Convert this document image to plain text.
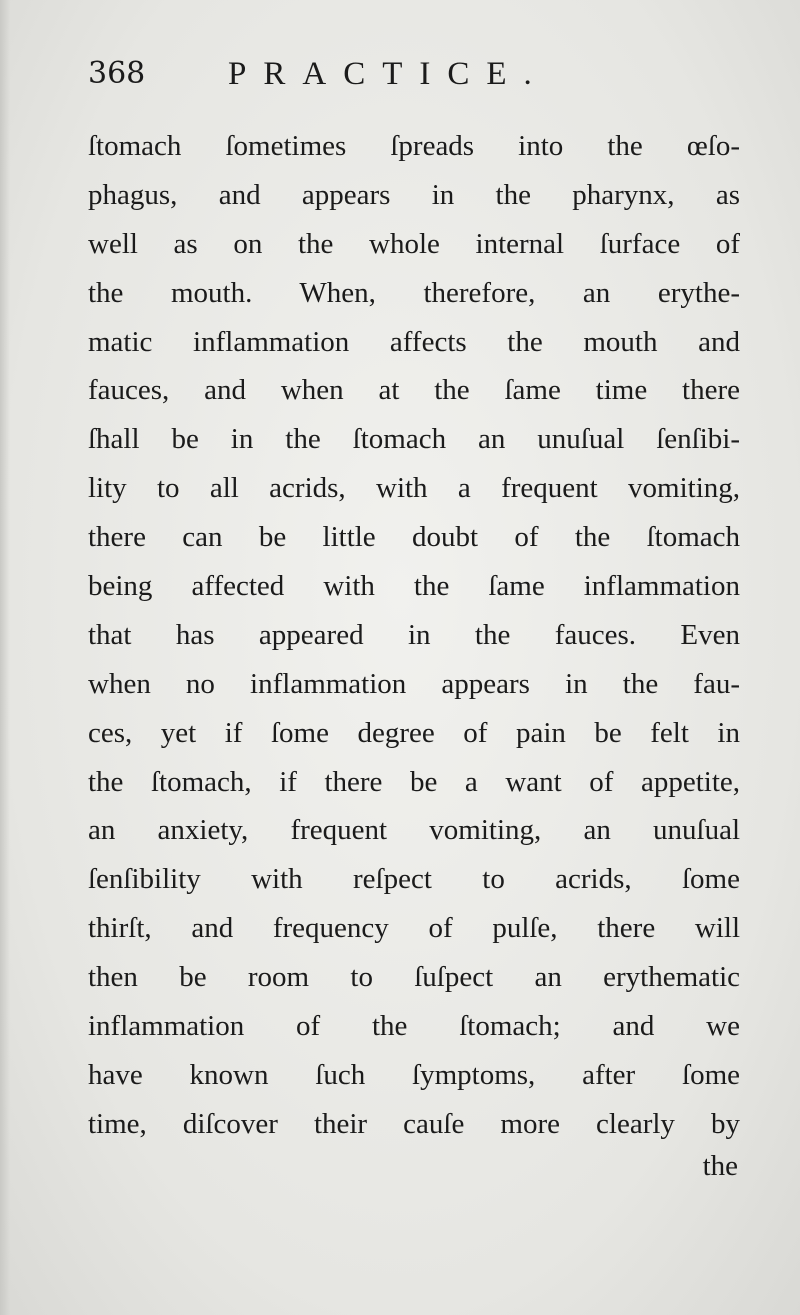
368	PRACTICE.
ſtomach ſometimes ſpreads into the œſo-
phagus, and appears in the pharynx, as
well as on the whole internal ſurface of
the mouth. When, therefore, an erythe-
matic inflammation affects the mouth and
fauces, and when at the ſame time there
ſhall be in the ſtomach an unuſual ſenſibi-
lity to all acrids, with a frequent vomiting,
there can be little doubt of the ſtomach
being affected with the ſame inflammation
that has appeared in the fauces. Even
when no inflammation appears in the fau-
ces, yet if ſome degree of pain be felt in
the ſtomach, if there be a want of appetite,
an anxiety, frequent vomiting, an unuſual
ſenſibility with reſpect to acrids, ſome
thirſt, and frequency of pulſe, there will
then be room to ſuſpect an erythematic
inflammation of the ſtomach; and we
have known ſuch ſymptoms, after ſome
time, diſcover their cauſe more clearly by
the
